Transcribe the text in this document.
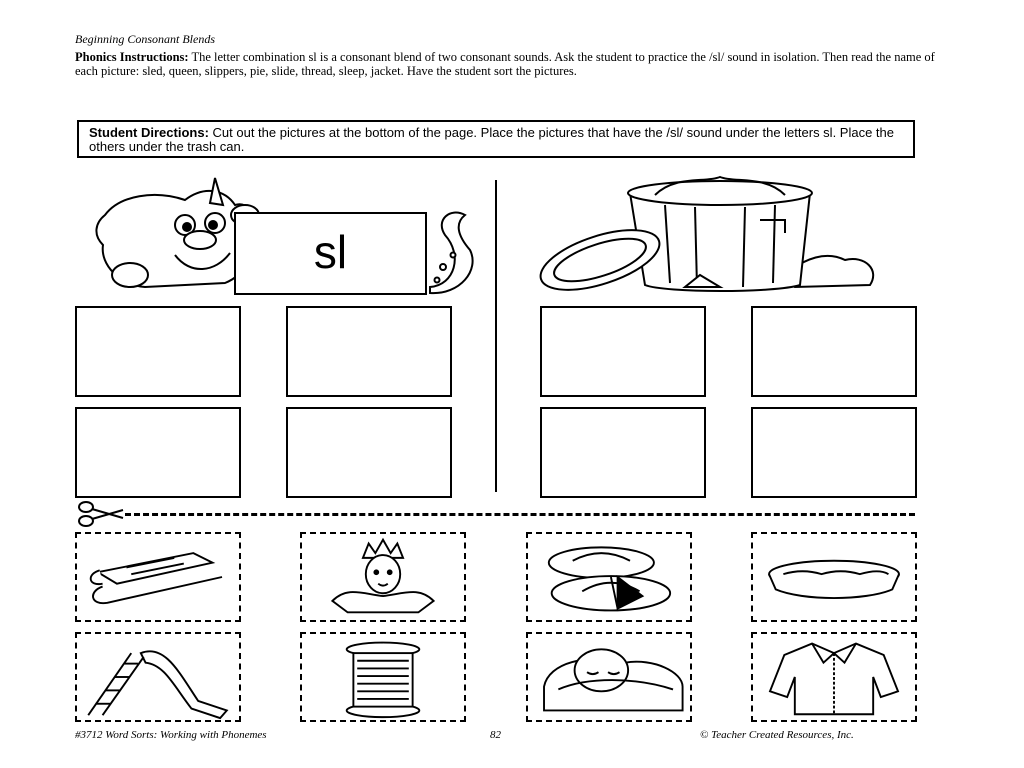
Beginning Consonant Blends
Phonics Instructions: The letter combination sl is a consonant blend of two consonant sounds. Ask the student to practice the /sl/ sound in isolation. Then read the name of each picture: sled, queen, slippers, pie, slide, thread, sleep, jacket. Have the student sort the pictures.
Student Directions: Cut out the pictures at the bottom of the page. Place the pictures that have the /sl/ sound under the letters sl. Place the others under the trash can.
sl
#3712 Word Sorts: Working with Phonemes	82	© Teacher Created Resources, Inc.
